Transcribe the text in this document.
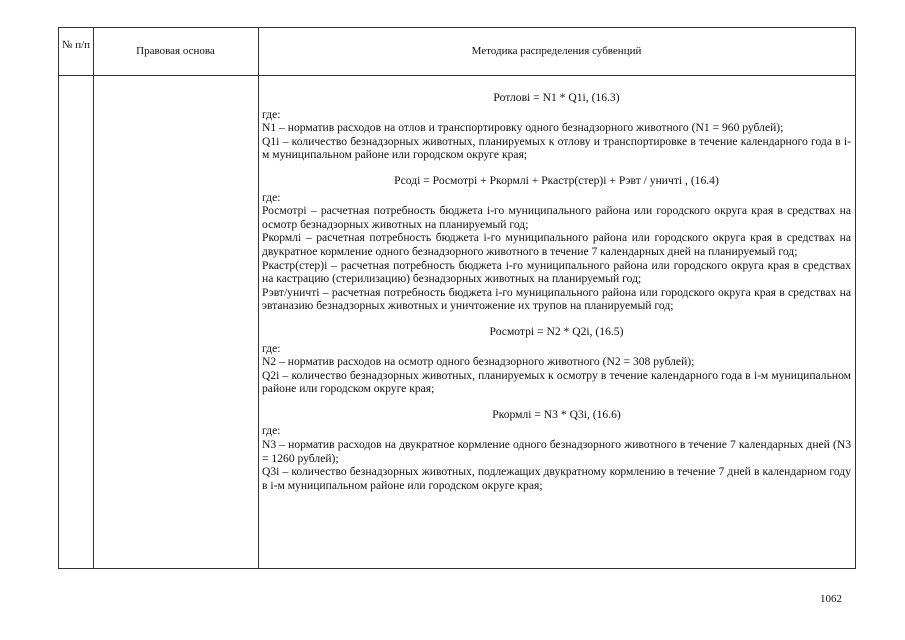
№ п/п	Правовая основа	Методика распределения субвенций

Ротлові = N1 * Q1i, (16.3)

где:

N1 – норматив расходов на отлов и транспортировку одного безнадзорного животного (N1 = 960 рублей);

Q1i – количество безнадзорных животных, планируемых к отлову и транспортировке в течение календарного года в i-м муниципальном районе или городском округе края;

Рсоді = Росмотрі + Ркормлі + Ркастр(стер)і + Рэвт / уничті , (16.4)

где:

Росмотрі – расчетная потребность бюджета i-го муниципального района или городского округа края в средствах на осмотр безнадзорных животных на планируемый год;

Ркормлі – расчетная потребность бюджета i-го муниципального района или городского округа края в средствах на двукратное кормление одного безнадзорного животного в течение 7 календарных дней на планируемый год;

Ркастр(стер)і – расчетная потребность бюджета i-го муниципального района или городского округа края в средствах на кастрацию (стерилизацию) безнадзорных животных на планируемый год;

Рэвт/уничті – расчетная потребность бюджета i-го муниципального района или городского округа края в средствах на эвтаназию безнадзорных животных и уничтожение их трупов на планируемый год;

Росмотрі = N2 * Q2i, (16.5)

где:

N2 – норматив расходов на осмотр одного безнадзорного животного (N2 = 308 рублей);

Q2i – количество безнадзорных животных, планируемых к осмотру в течение календарного года в i-м муниципальном районе или городском округе края;

Ркормлі = N3 * Q3i, (16.6)

где:

N3 – норматив расходов на двукратное кормление одного безнадзорного животного в течение 7 календарных дней (N3 = 1260 рублей);

Q3i – количество безнадзорных животных, подлежащих двукратному кормлению в течение 7 дней в календарном году в i-м муниципальном районе или городском округе края;

1062
